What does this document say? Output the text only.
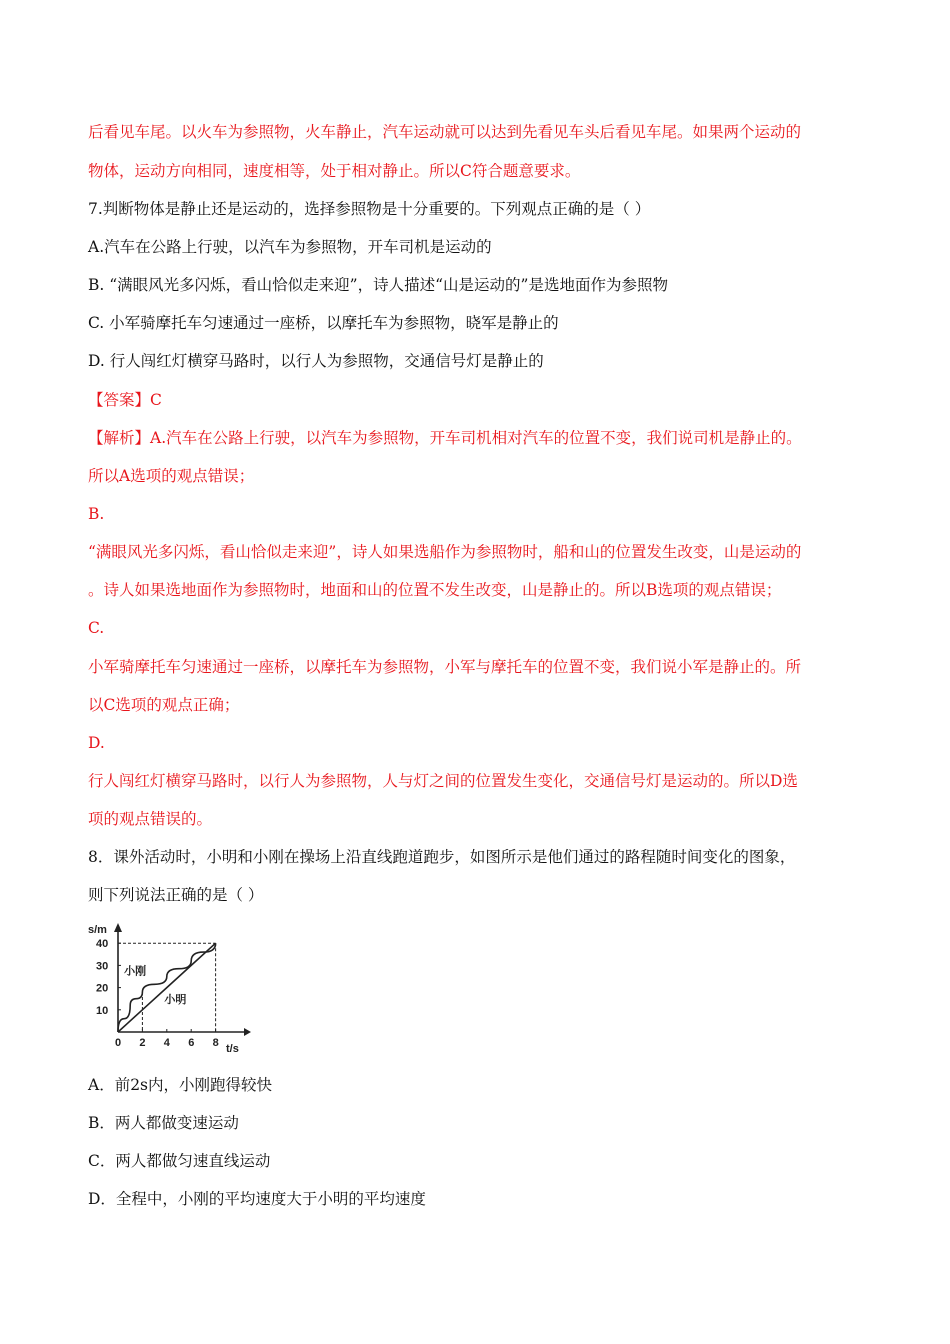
后看见车尾。以火车为参照物，火车静止，汽车运动就可以达到先看见车头后看见车尾。如果两个运动的
物体，运动方向相同，速度相等，处于相对静止。所以C符合题意要求。
7.判断物体是静止还是运动的，选择参照物是十分重要的。下列观点正确的是（ ）
A.汽车在公路上行驶，以汽车为参照物，开车司机是运动的
B. “满眼风光多闪烁，看山恰似走来迎”，诗人描述“山是运动的”是选地面作为参照物
C. 小军骑摩托车匀速通过一座桥，以摩托车为参照物，晓军是静止的
D. 行人闯红灯横穿马路时，以行人为参照物，交通信号灯是静止的
【答案】C
【解析】A.汽车在公路上行驶，以汽车为参照物，开车司机相对汽车的位置不变，我们说司机是静止的。
所以A选项的观点错误；
B.
“满眼风光多闪烁，看山恰似走来迎”，诗人如果选船作为参照物时，船和山的位置发生改变，山是运动的
。诗人如果选地面作为参照物时，地面和山的位置不发生改变，山是静止的。所以B选项的观点错误；
C.
小军骑摩托车匀速通过一座桥，以摩托车为参照物，小军与摩托车的位置不变，我们说小军是静止的。所
以C选项的观点正确；
D.
行人闯红灯横穿马路时，以行人为参照物，人与灯之间的位置发生变化，交通信号灯是运动的。所以D选
项的观点错误的。
8．课外活动时，小明和小刚在操场上沿直线跑道跑步，如图所示是他们通过的路程随时间变化的图象，
则下列说法正确的是（ ）
s/m
t/s
0 2 4 6 8
10
20
30
40
小刚
小明
A．前2s内，小刚跑得较快
B．两人都做变速运动
C．两人都做匀速直线运动
D．全程中，小刚的平均速度大于小明的平均速度
